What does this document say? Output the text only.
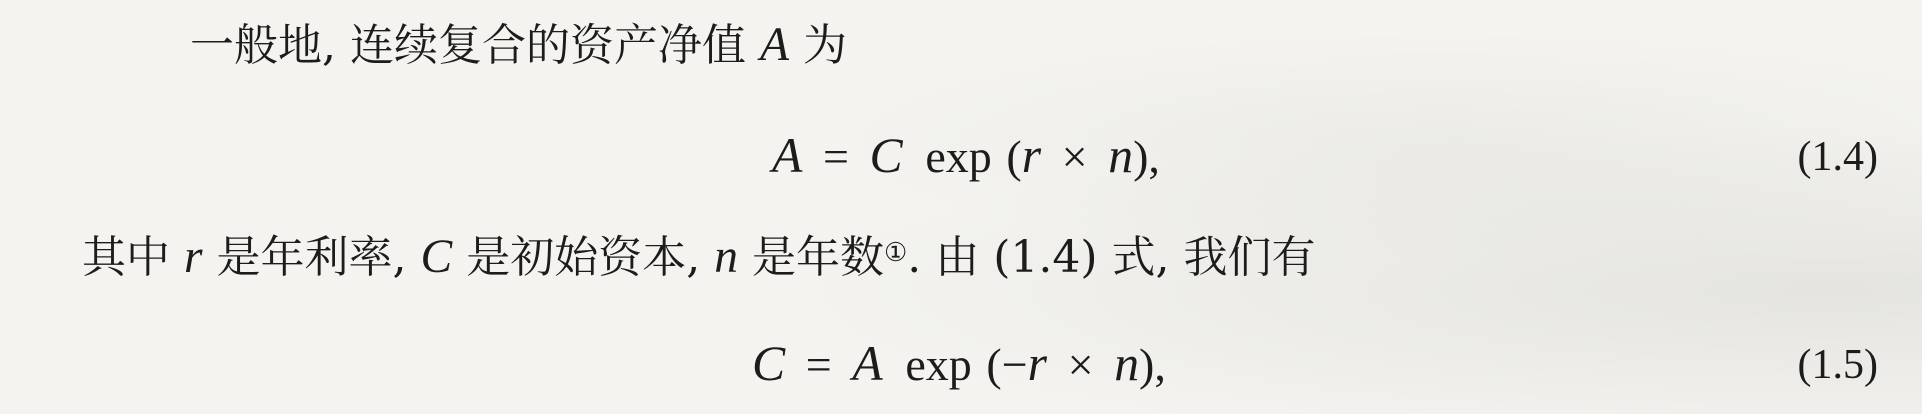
一般地, 连续复合的资产净值 A 为
A = C exp (r × n),	(1.4)
其中 r 是年利率, C 是初始资本, n 是年数①. 由 (1.4) 式, 我们有
C = A exp (−r × n),	(1.5)
